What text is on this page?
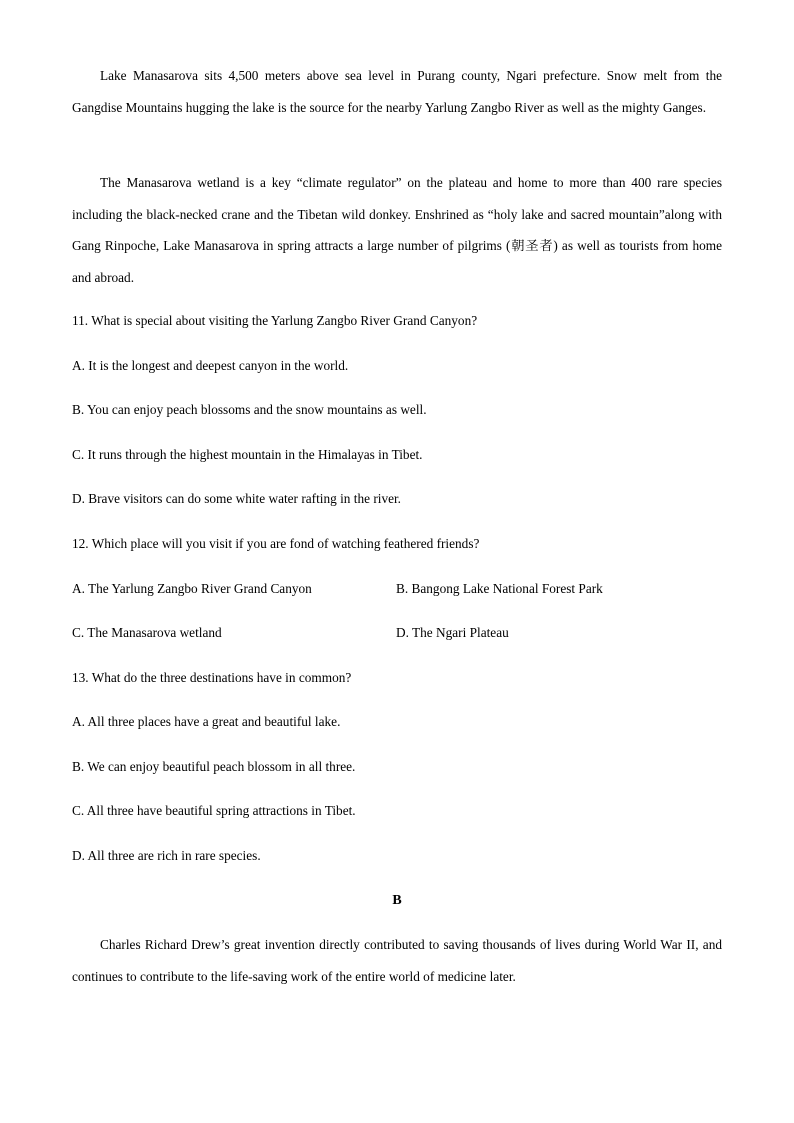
Lake Manasarova sits 4,500 meters above sea level in Purang county, Ngari prefecture. Snow melt from the Gangdise Mountains hugging the lake is the source for the nearby Yarlung Zangbo River as well as the mighty Ganges.

The Manasarova wetland is a key “climate regulator” on the plateau and home to more than 400 rare species including the black-necked crane and the Tibetan wild donkey. Enshrined as “holy lake and sacred mountain”along with Gang Rinpoche, Lake Manasarova in spring attracts a large number of pilgrims (朝圣者) as well as tourists from home and abroad.

11. What is special about visiting the Yarlung Zangbo River Grand Canyon?

A. It is the longest and deepest canyon in the world.

B. You can enjoy peach blossoms and the snow mountains as well.

C. It runs through the highest mountain in the Himalayas in Tibet.

D. Brave visitors can do some white water rafting in the river.

12. Which place will you visit if you are fond of watching feathered friends?

A. The Yarlung Zangbo River Grand Canyon	B. Bangong Lake National Forest Park

C. The Manasarova wetland	D. The Ngari Plateau

13. What do the three destinations have in common?

A. All three places have a great and beautiful lake.

B. We can enjoy beautiful peach blossom in all three.

C. All three have beautiful spring attractions in Tibet.

D. All three are rich in rare species.

B

Charles Richard Drew’s great invention directly contributed to saving thousands of lives during World War II, and continues to contribute to the life-saving work of the entire world of medicine later.
